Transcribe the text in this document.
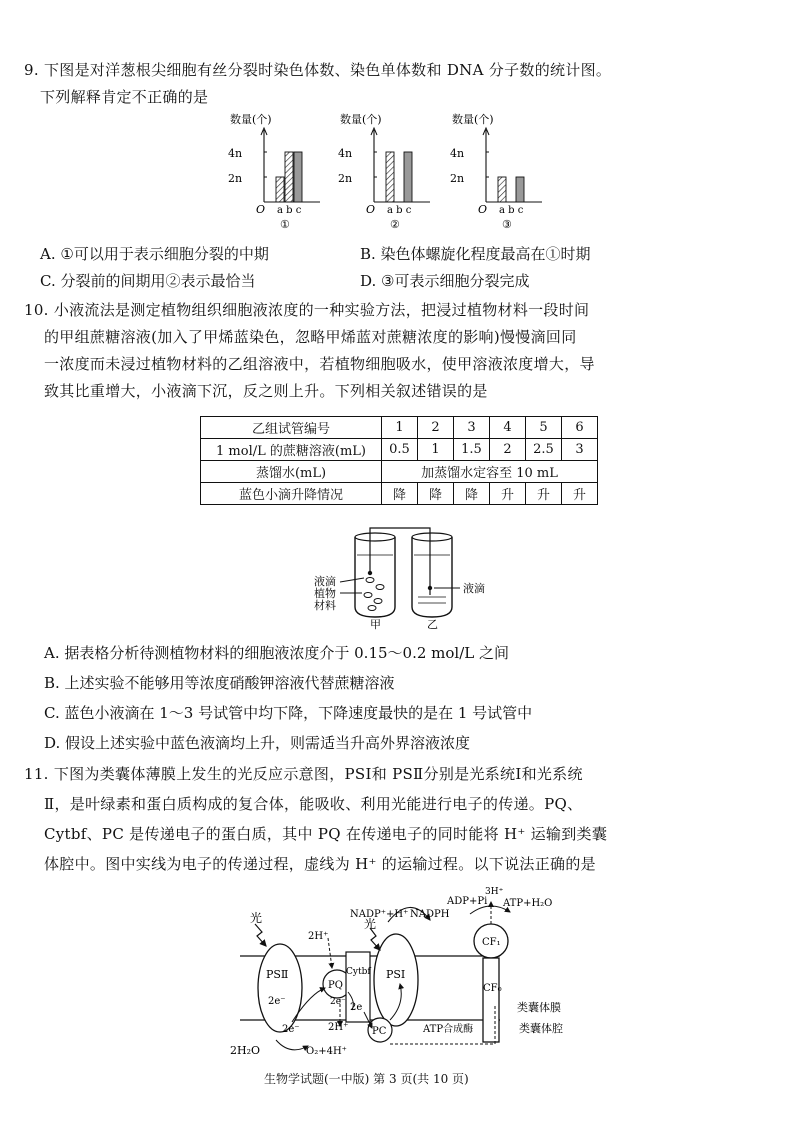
9. 下图是对洋葱根尖细胞有丝分裂时染色体数、染色单体数和 DNA 分子数的统计图。
下列解释肯定不正确的是
数量(个)
4n
2n
O a b c
①
数量(个)
4n
2n
O a b c
②
数量(个)
4n
2n
O a b c
③
A. ①可以用于表示细胞分裂的中期	B. 染色体螺旋化程度最高在①时期
C. 分裂前的间期用②表示最恰当	D. ③可表示细胞分裂完成
10. 小液流法是测定植物组织细胞液浓度的一种实验方法，把浸过植物材料一段时间
的甲组蔗糖溶液(加入了甲烯蓝染色，忽略甲烯蓝对蔗糖浓度的影响)慢慢滴回同
一浓度而未浸过植物材料的乙组溶液中，若植物细胞吸水，使甲溶液浓度增大，导
致其比重增大，小液滴下沉，反之则上升。下列相关叙述错误的是
乙组试管编号	1	2	3	4	5	6
1 mol/L 的蔗糖溶液(mL)	0.5	1	1.5	2	2.5	3
蒸馏水(mL)	加蒸馏水定容至 10 mL					
蓝色小滴升降情况	降	降	降	升	升	升
液滴
植物
材料
液滴
甲	乙
A. 据表格分析待测植物材料的细胞液浓度介于 0.15～0.2 mol/L 之间
B. 上述实验不能够用等浓度硝酸钾溶液代替蔗糖溶液
C. 蓝色小液滴在 1～3 号试管中均下降，下降速度最快的是在 1 号试管中
D. 假设上述实验中蓝色液滴均上升，则需适当升高外界溶液浓度
11. 下图为类囊体薄膜上发生的光反应示意图，PSⅠ和 PSⅡ分别是光系统Ⅰ和光系统
Ⅱ，是叶绿素和蛋白质构成的复合体，能吸收、利用光能进行电子的传递。PQ、
Cytbf、PC 是传递电子的蛋白质，其中 PQ 在传递电子的同时能将 H⁺ 运输到类囊
体腔中。图中实线为电子的传递过程，虚线为 H⁺ 的运输过程。以下说法正确的是
光	光
2H⁺
NADP⁺+H⁺ NADPH
ADP+Pi
3H⁺
ATP+H₂O
CF₁
CF₀
PSⅡ
PQ
Cytbf PSⅠ
2e⁻	2e⁻ 2e
2e⁻	2H⁺ PC	ATP合成酶
2H₂O	O₂+4H⁺
类囊体膜
类囊体腔
生物学试题(一中版) 第 3 页(共 10 页)
